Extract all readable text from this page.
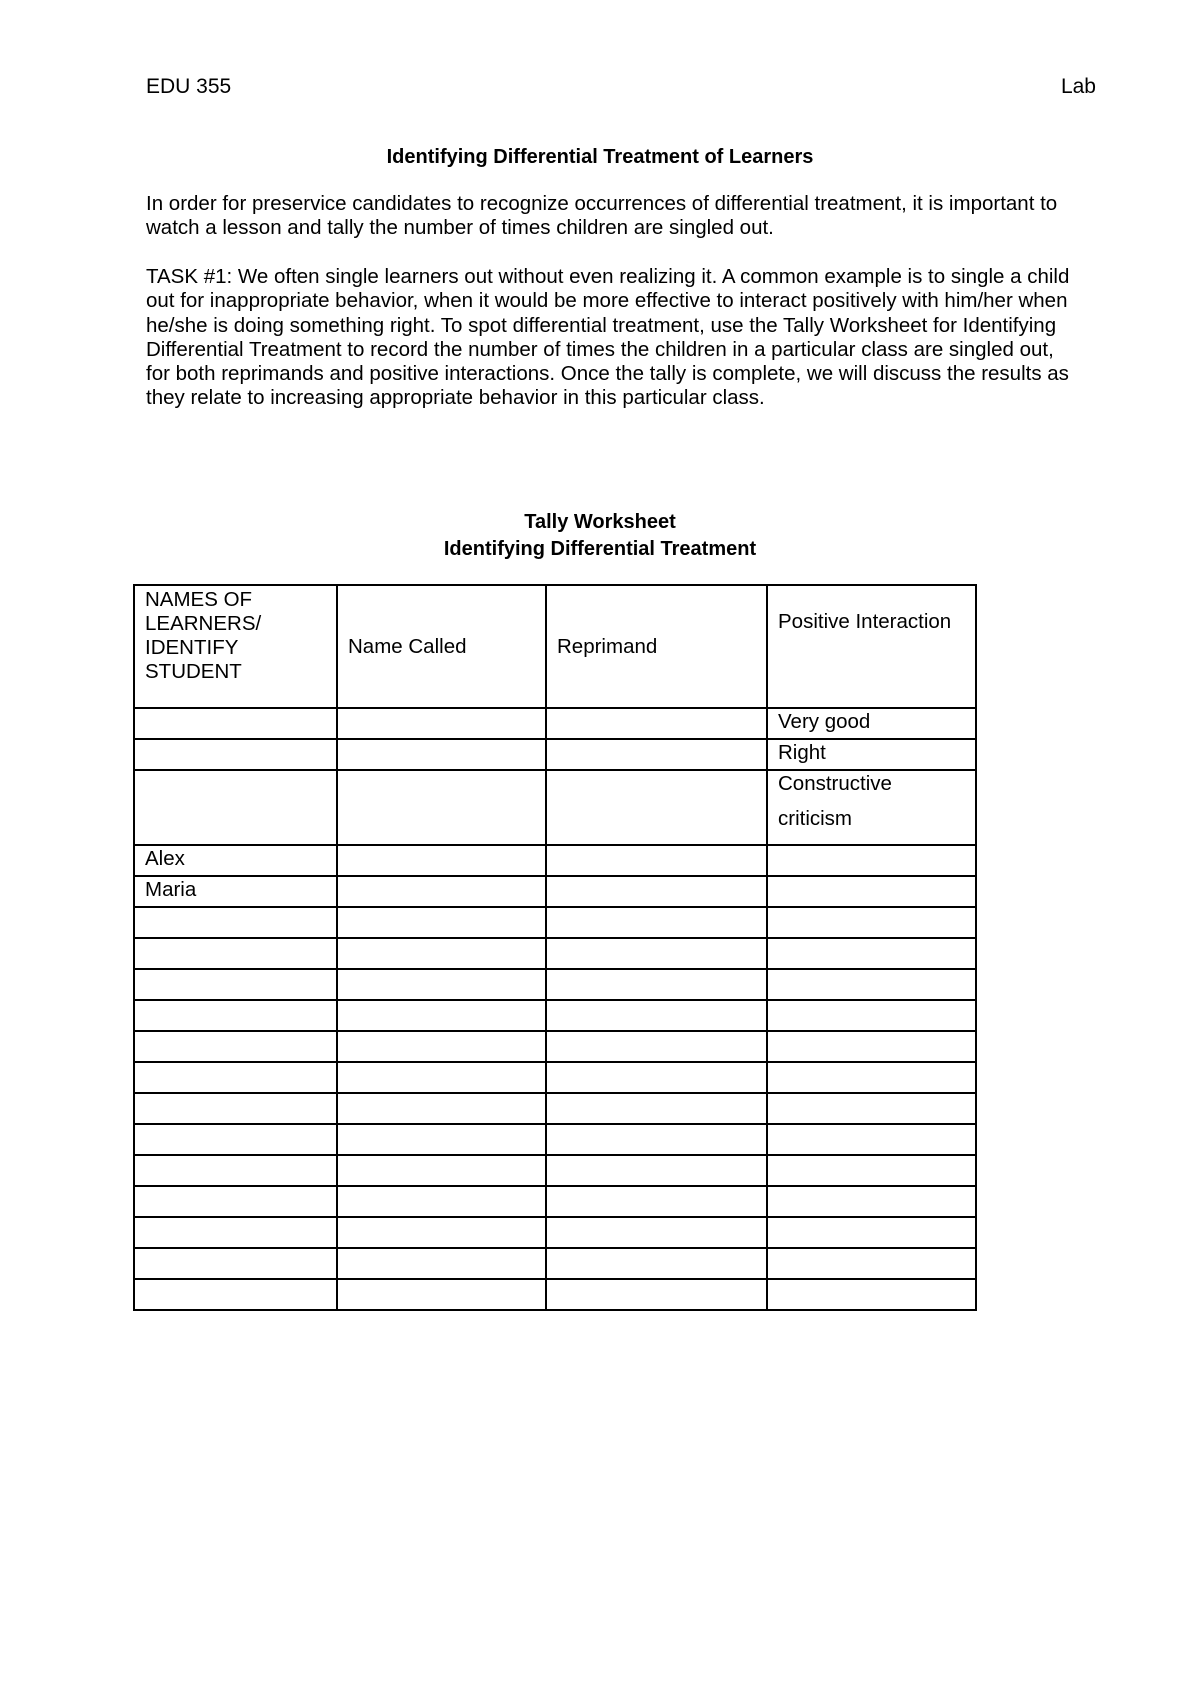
EDU 355	Lab
Identifying Differential Treatment of Learners

In order for preservice candidates to recognize occurrences of differential treatment, it is important to watch a lesson and tally the number of times children are singled out.

TASK #1: We often single learners out without even realizing it. A common example is to single a child out for inappropriate behavior, when it would be more effective to interact positively with him/her when he/she is doing something right. To spot differential treatment, use the Tally Worksheet for Identifying Differential Treatment to record the number of times the children in a particular class are singled out, for both reprimands and positive interactions. Once the tally is complete, we will discuss the results as they relate to increasing appropriate behavior in this particular class.

Tally Worksheet
Identifying Differential Treatment
NAMES OF LEARNERS/ IDENTIFY STUDENT	Name Called	Reprimand	Positive Interaction
			Very good
			Right
			Constructive
criticism

Alex			
Maria			
